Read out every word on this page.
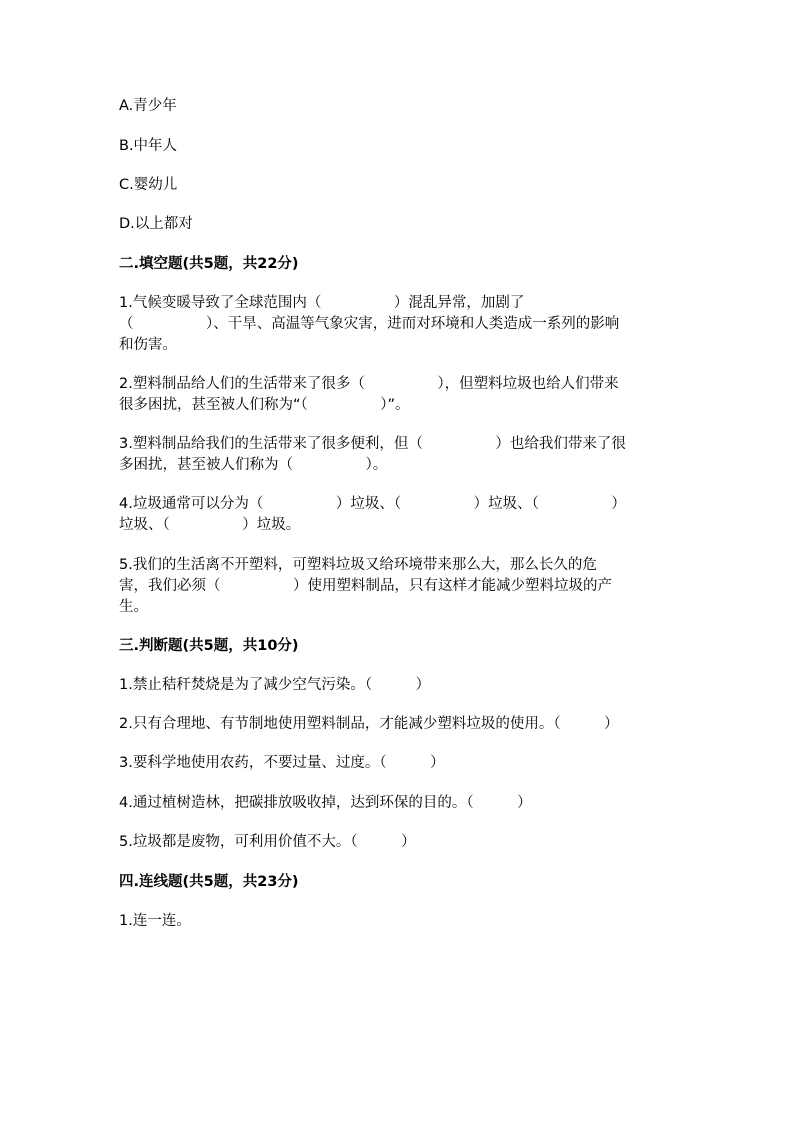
A.青少年
B.中年人
C.婴幼儿
D.以上都对
二.填空题(共5题，共22分)
1.气候变暖导致了全球范围内（　　　　　）混乱异常，加剧了
（　　　　　）、干旱、高温等气象灾害，进而对环境和人类造成一系列的影响
和伤害。
2.塑料制品给人们的生活带来了很多（　　　　　），但塑料垃圾也给人们带来
很多困扰，甚至被人们称为“（　　　　　）”。
3.塑料制品给我们的生活带来了很多便利，但（　　　　　）也给我们带来了很
多困扰，甚至被人们称为（　　　　　）。
4.垃圾通常可以分为（　　　　　）垃圾、（　　　　　）垃圾、（　　　　　）
垃圾、（　　　　　）垃圾。
5.我们的生活离不开塑料，可塑料垃圾又给环境带来那么大，那么长久的危
害，我们必须（　　　　　）使用塑料制品，只有这样才能减少塑料垃圾的产
生。
三.判断题(共5题，共10分)
1.禁止秸秆焚烧是为了减少空气污染。（　　　）
2.只有合理地、有节制地使用塑料制品，才能减少塑料垃圾的使用。（　　　）
3.要科学地使用农药，不要过量、过度。（　　　）
4.通过植树造林，把碳排放吸收掉，达到环保的目的。（　　　）
5.垃圾都是废物，可利用价值不大。（　　　）
四.连线题(共5题，共23分)
1.连一连。
